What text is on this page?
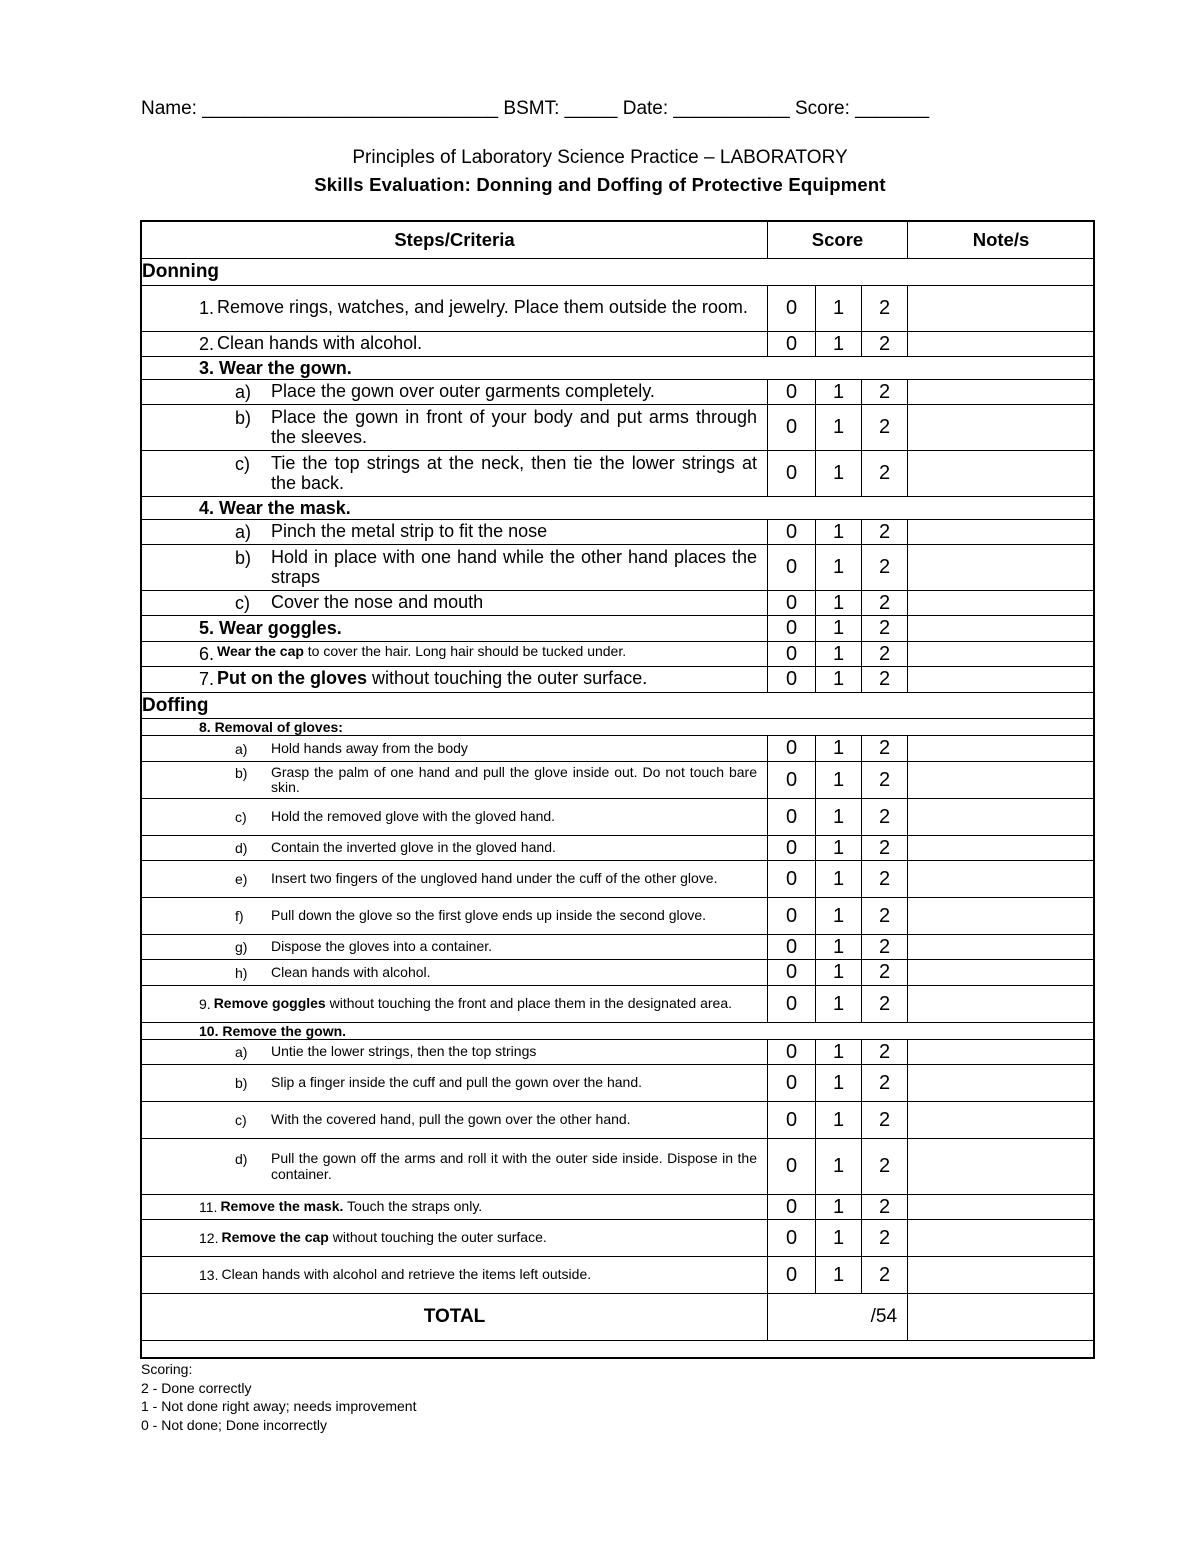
Name: ____________________________ BSMT: _____ Date: ___________ Score: _______
Principles of Laboratory Science Practice – LABORATORY
Skills Evaluation: Donning and Doffing of Protective Equipment
Steps/Criteria	Score			Note/s
Donning				

1. Remove rings, watches, and jewelry. Place them outside the room.	0	1	2	

2. Clean hands with alcohol.	0	1	2	

3. Wear the gown.				

a) Place the gown over outer garments completely.	0	1	2	

b) Place the gown in front of your body and put arms through the sleeves.	0	1	2	

c) Tie the top strings at the neck, then tie the lower strings at the back.	0	1	2	

4. Wear the mask.				

a) Pinch the metal strip to fit the nose	0	1	2	

b) Hold in place with one hand while the other hand places the straps	0	1	2	

c) Cover the nose and mouth	0	1	2	

5. Wear goggles.	0	1	2	

6. Wear the cap to cover the hair. Long hair should be tucked under.	0	1	2	

7. Put on the gloves without touching the outer surface.	0	1	2	
Doffing				

8. Removal of gloves:				

a) Hold hands away from the body	0	1	2	

b) Grasp the palm of one hand and pull the glove inside out. Do not touch bare skin.	0	1	2	

c) Hold the removed glove with the gloved hand.	0	1	2	

d) Contain the inverted glove in the gloved hand.	0	1	2	

e) Insert two fingers of the ungloved hand under the cuff of the other glove.	0	1	2	

f) Pull down the glove so the first glove ends up inside the second glove.	0	1	2	

g) Dispose the gloves into a container.	0	1	2	

h) Clean hands with alcohol.	0	1	2	

9. Remove goggles without touching the front and place them in the designated area.	0	1	2	

10. Remove the gown.				

a) Untie the lower strings, then the top strings	0	1	2	

b) Slip a finger inside the cuff and pull the gown over the hand.	0	1	2	

c) With the covered hand, pull the gown over the other hand.	0	1	2	

d) Pull the gown off the arms and roll it with the outer side inside. Dispose in the container.	0	1	2	

11. Remove the mask. Touch the straps only.	0	1	2	

12. Remove the cap without touching the outer surface.	0	1	2	

13. Clean hands with alcohol and retrieve the items left outside.	0	1	2	
TOTAL	/54			
Scoring:
2 - Done correctly
1 - Not done right away; needs improvement
0 - Not done; Done incorrectly
